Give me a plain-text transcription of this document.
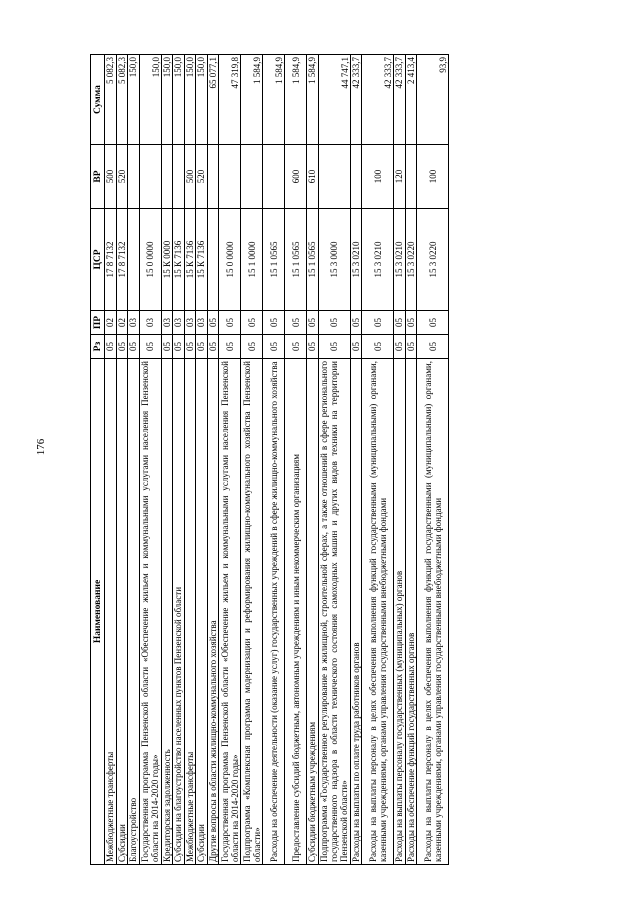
176
Наименование	Рз	ПР	ЦСР	ВР	Сумма
Межбюджетные трансферты	05	02	17 8 7132	500	5 082,3
Субсидии	05	02	17 8 7132	520	5 082,3
Благоустройство	05	03			150,0
Государственная программа Пензенской области «Обеспечение жильем и коммунальными услугами населения Пензенской области на 2014-2020 годы»	05	03	15 0 0000		150,0
Кредиторская задолженность	05	03	15 К 0000		150,0
Субсидии на благоустройство населенных пунктов Пензенской области	05	03	15 К 7136		150,0
Межбюджетные трансферты	05	03	15 К 7136	500	150,0
Субсидии	05	03	15 К 7136	520	150,0
Другие вопросы в области жилищно-коммунального хозяйства	05	05			65 077,1
Государственная программа Пензенской области «Обеспечение жильем и коммунальными услугами населения Пензенской области на 2014-2020 годы»	05	05	15 0 0000		47 319,8
Подпрограмма «Комплексная программа модернизации и реформирования жилищно-коммунального хозяйства Пензенской области»	05	05	15 1 0000		1 584,9
Расходы на обеспечение деятельности (оказание услуг) государственных учреждений в сфере жилищно-коммунального хозяйства	05	05	15 1 0565		1 584,9
Предоставление субсидий бюджетным, автономным учреждениям и иным некоммерческим организациям	05	05	15 1 0565	600	1 584,9
Субсидии бюджетным учреждениям	05	05	15 1 0565	610	1 584,9
Подпрограмма «Государственное регулирование в жилищной, строительной сферах, а также отношений в сфере регионального государственного надзора в области технического состояния самоходных машин и других видов техники на территории Пензенской области»	05	05	15 3 0000		44 747,1
Расходы на выплаты по оплате труда работников органов	05	05	15 3 0210		42 333,7
Расходы на выплаты персоналу в целях обеспечения выполнения функций государственными (муниципальными) органами, казенными учреждениями, органами управления государственными внебюджетными фондами	05	05	15 3 0210	100	42 333,7
Расходы на выплаты персоналу государственных (муниципальных) органов	05	05	15 3 0210	120	42 333,7
Расходы на обеспечение функций государственных органов	05	05	15 3 0220		2 413,4
Расходы на выплаты персоналу в целях обеспечения выполнения функций государственными (муниципальными) органами, казенными учреждениями, органами управления государственными внебюджетными фондами	05	05	15 3 0220	100	93,9
